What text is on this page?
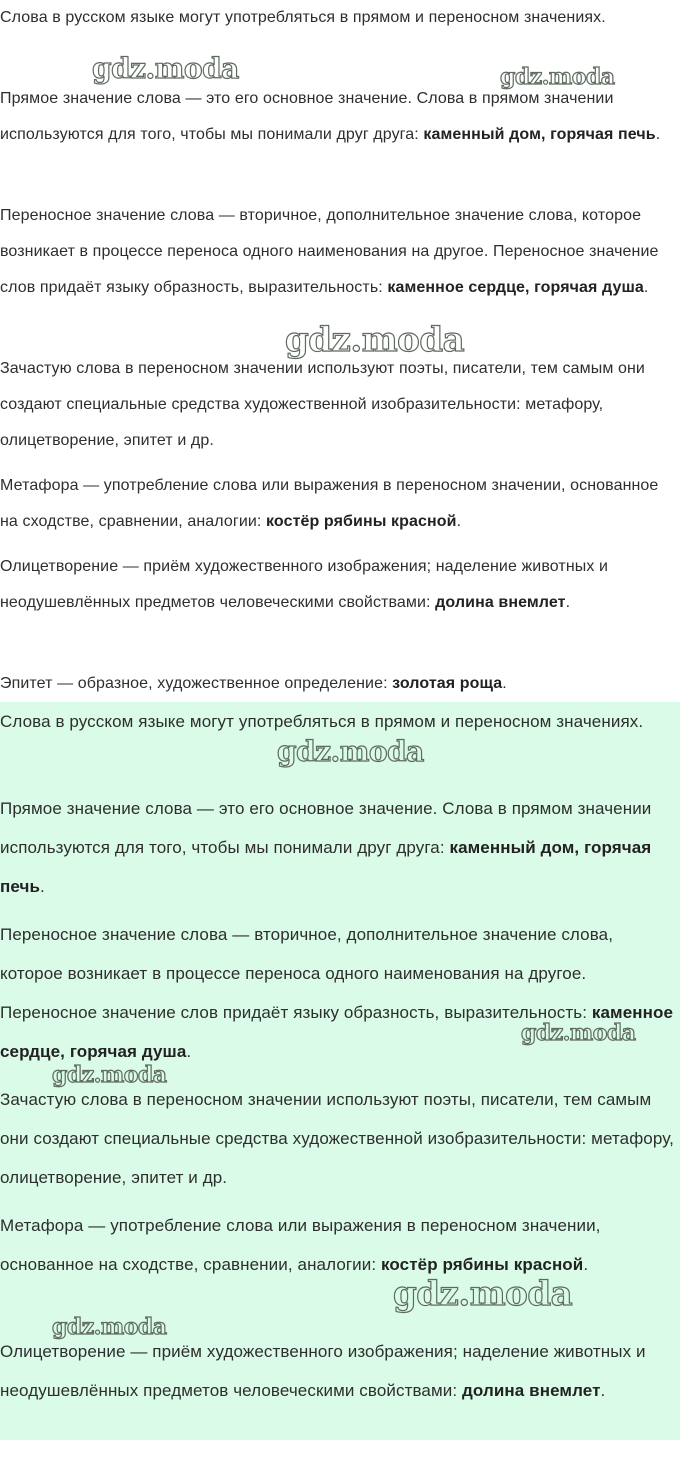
Слова в русском языке могут употребляться в прямом и переносном значениях.

Прямое значение слова — это его основное значение. Слова в прямом значении используются для того, чтобы мы понимали друг друга: каменный дом, горячая печь.

Переносное значение слова — вторичное, дополнительное значение слова, которое возникает в процессе переноса одного наименования на другое. Переносное значение слов придаёт языку образность, выразительность: каменное сердце, горячая душа.

Зачастую слова в переносном значении используют поэты, писатели, тем самым они создают специальные средства художественной изобразительности: метафору, олицетворение, эпитет и др.

Метафора — употребление слова или выражения в переносном значении, основанное на сходстве, сравнении, аналогии: костёр рябины красной.

Олицетворение — приём художественного изображения; наделение животных и неодушевлённых предметов человеческими свойствами: долина внемлет.

Эпитет — образное, художественное определение: золотая роща.

Слова в русском языке могут употребляться в прямом и переносном значениях.

Прямое значение слова — это его основное значение. Слова в прямом значении используются для того, чтобы мы понимали друг друга: каменный дом, горячая печь.

Переносное значение слова — вторичное, дополнительное значение слова, которое возникает в процессе переноса одного наименования на другое. Переносное значение слов придаёт языку образность, выразительность: каменное сердце, горячая душа.

Зачастую слова в переносном значении используют поэты, писатели, тем самым они создают специальные средства художественной изобразительности: метафору, олицетворение, эпитет и др.

Метафора — употребление слова или выражения в переносном значении, основанное на сходстве, сравнении, аналогии: костёр рябины красной.

Олицетворение — приём художественного изображения; наделение животных и неодушевлённых предметов человеческими свойствами: долина внемлет.
